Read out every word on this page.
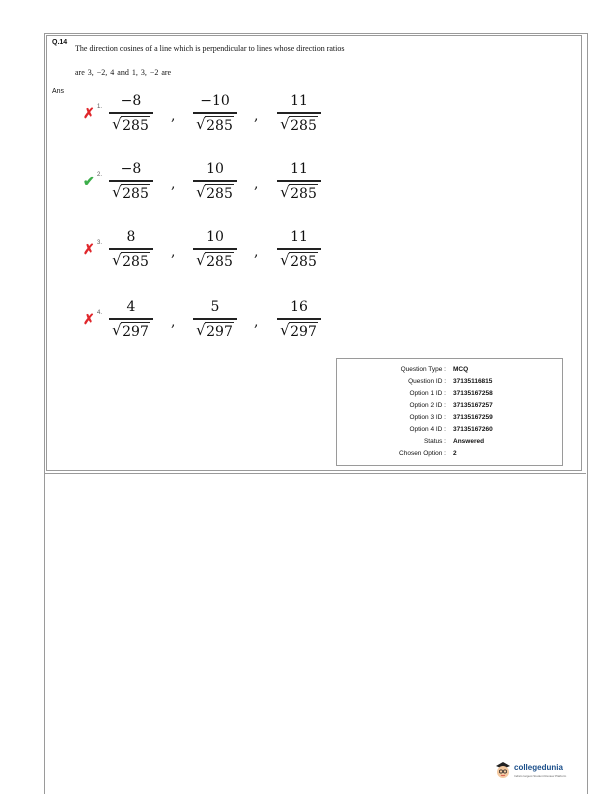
Q.14
The direction cosines of a line which is perpendicular to lines whose direction ratios
are 3, −2, 4 and 1, 3, −2 are
Ans
✗ 1.	−8
√ 285
,
−10
√ 285
,
11
√ 285
✔ 2.	−8
√ 285
,
10
√ 285
,
11
√ 285
✗ 3.	8
√ 285
,
10
√ 285
,
11
√ 285
✗ 4.	4
√ 297
,
5
√ 297
,
16
√ 297
Question Type : MCQ
Question ID : 37135116815
Option 1 ID : 37135167258
Option 2 ID : 37135167257
Option 3 ID : 37135167259
Option 4 ID : 37135167260
Status : Answered
Chosen Option : 2
collegedunia
India's largest Student Review Platform
